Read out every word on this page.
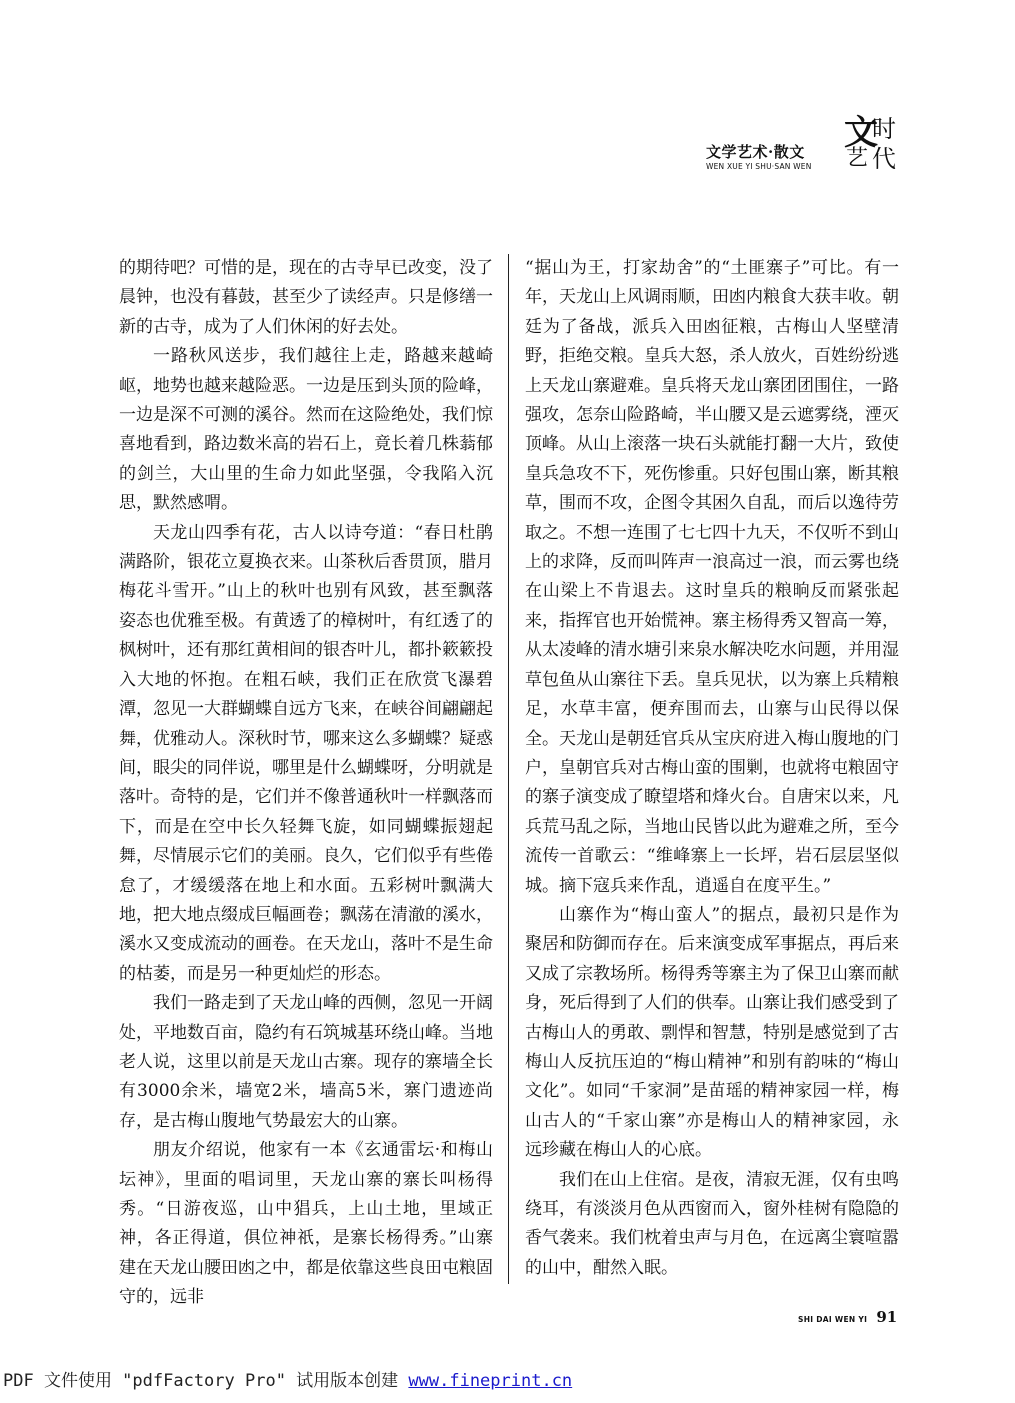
文学艺术·散文
WEN XUE YI SHU·SAN WEN
文
时
艺 代

的期待吧？可惜的是，现在的古寺早已改变，没了晨钟，也没有暮鼓，甚至少了读经声。只是修缮一新的古寺，成为了人们休闲的好去处。

一路秋风送步，我们越往上走，路越来越崎岖，地势也越来越险恶。一边是压到头顶的险峰，一边是深不可测的溪谷。然而在这险绝处，我们惊喜地看到，路边数米高的岩石上，竟长着几株蓊郁的剑兰，大山里的生命力如此坚强，令我陷入沉思，默然感喟。

天龙山四季有花，古人以诗夸道：“春日杜鹃满路阶，银花立夏换衣来。山茶秋后香贯顶，腊月梅花斗雪开。”山上的秋叶也别有风致，甚至飘落姿态也优雅至极。有黄透了的樟树叶，有红透了的枫树叶，还有那红黄相间的银杏叶儿，都扑簌簌投入大地的怀抱。在粗石峡，我们正在欣赏飞瀑碧潭，忽见一大群蝴蝶自远方飞来，在峡谷间翩翩起舞，优雅动人。深秋时节，哪来这么多蝴蝶？疑惑间，眼尖的同伴说，哪里是什么蝴蝶呀，分明就是落叶。奇特的是，它们并不像普通秋叶一样飘落而下，而是在空中长久轻舞飞旋，如同蝴蝶振翅起舞，尽情展示它们的美丽。良久，它们似乎有些倦怠了，才缓缓落在地上和水面。五彩树叶飘满大地，把大地点缀成巨幅画卷；飘荡在清澈的溪水，溪水又变成流动的画卷。在天龙山，落叶不是生命的枯萎，而是另一种更灿烂的形态。

我们一路走到了天龙山峰的西侧，忽见一开阔处，平地数百亩，隐约有石筑城基环绕山峰。当地老人说，这里以前是天龙山古寨。现存的寨墙全长有3000余米，墙宽2米，墙高5米，寨门遗迹尚存，是古梅山腹地气势最宏大的山寨。

朋友介绍说，他家有一本《玄通雷坛·和梅山坛神》，里面的唱词里，天龙山寨的寨长叫杨得秀。“日游夜巡，山中猖兵，上山土地，里域正神，各正得道，俱位神祇，是寨长杨得秀。”山寨建在天龙山腰田凼之中，都是依靠这些良田屯粮固守的，远非

“据山为王，打家劫舍”的“土匪寨子”可比。有一年，天龙山上风调雨顺，田凼内粮食大获丰收。朝廷为了备战，派兵入田凼征粮，古梅山人坚壁清野，拒绝交粮。皇兵大怒，杀人放火，百姓纷纷逃上天龙山寨避难。皇兵将天龙山寨团团围住，一路强攻，怎奈山险路崎，半山腰又是云遮雾绕，湮灭顶峰。从山上滚落一块石头就能打翻一大片，致使皇兵急攻不下，死伤惨重。只好包围山寨，断其粮草，围而不攻，企图令其困久自乱，而后以逸待劳取之。不想一连围了七七四十九天，不仅听不到山上的求降，反而叫阵声一浪高过一浪，而云雾也绕在山梁上不肯退去。这时皇兵的粮晌反而紧张起来，指挥官也开始慌神。寨主杨得秀又智高一筹，从太凌峰的清水塘引来泉水解决吃水问题，并用湿草包鱼从山寨往下丢。皇兵见状，以为寨上兵精粮足，水草丰富，便弃围而去，山寨与山民得以保全。天龙山是朝廷官兵从宝庆府进入梅山腹地的门户，皇朝官兵对古梅山蛮的围剿，也就将屯粮固守的寨子演变成了瞭望塔和烽火台。自唐宋以来，凡兵荒马乱之际，当地山民皆以此为避难之所，至今流传一首歌云：“维峰寨上一长坪，岩石层层坚似城。摘下寇兵来作乱，逍遥自在度平生。”

山寨作为“梅山蛮人”的据点，最初只是作为聚居和防御而存在。后来演变成军事据点，再后来又成了宗教场所。杨得秀等寨主为了保卫山寨而献身，死后得到了人们的供奉。山寨让我们感受到了古梅山人的勇敢、剽悍和智慧，特别是感觉到了古梅山人反抗压迫的“梅山精神”和别有韵味的“梅山文化”。如同“千家洞”是苗瑶的精神家园一样，梅山古人的“千家山寨”亦是梅山人的精神家园，永远珍藏在梅山人的心底。

我们在山上住宿。是夜，清寂无涯，仅有虫鸣绕耳，有淡淡月色从西窗而入，窗外桂树有隐隐的香气袭来。我们枕着虫声与月色，在远离尘寰喧嚣的山中，酣然入眠。

SHI DAI WEN YI 91
PDF 文件使用 "pdfFactory Pro" 试用版本创建 www.fineprint.cn
